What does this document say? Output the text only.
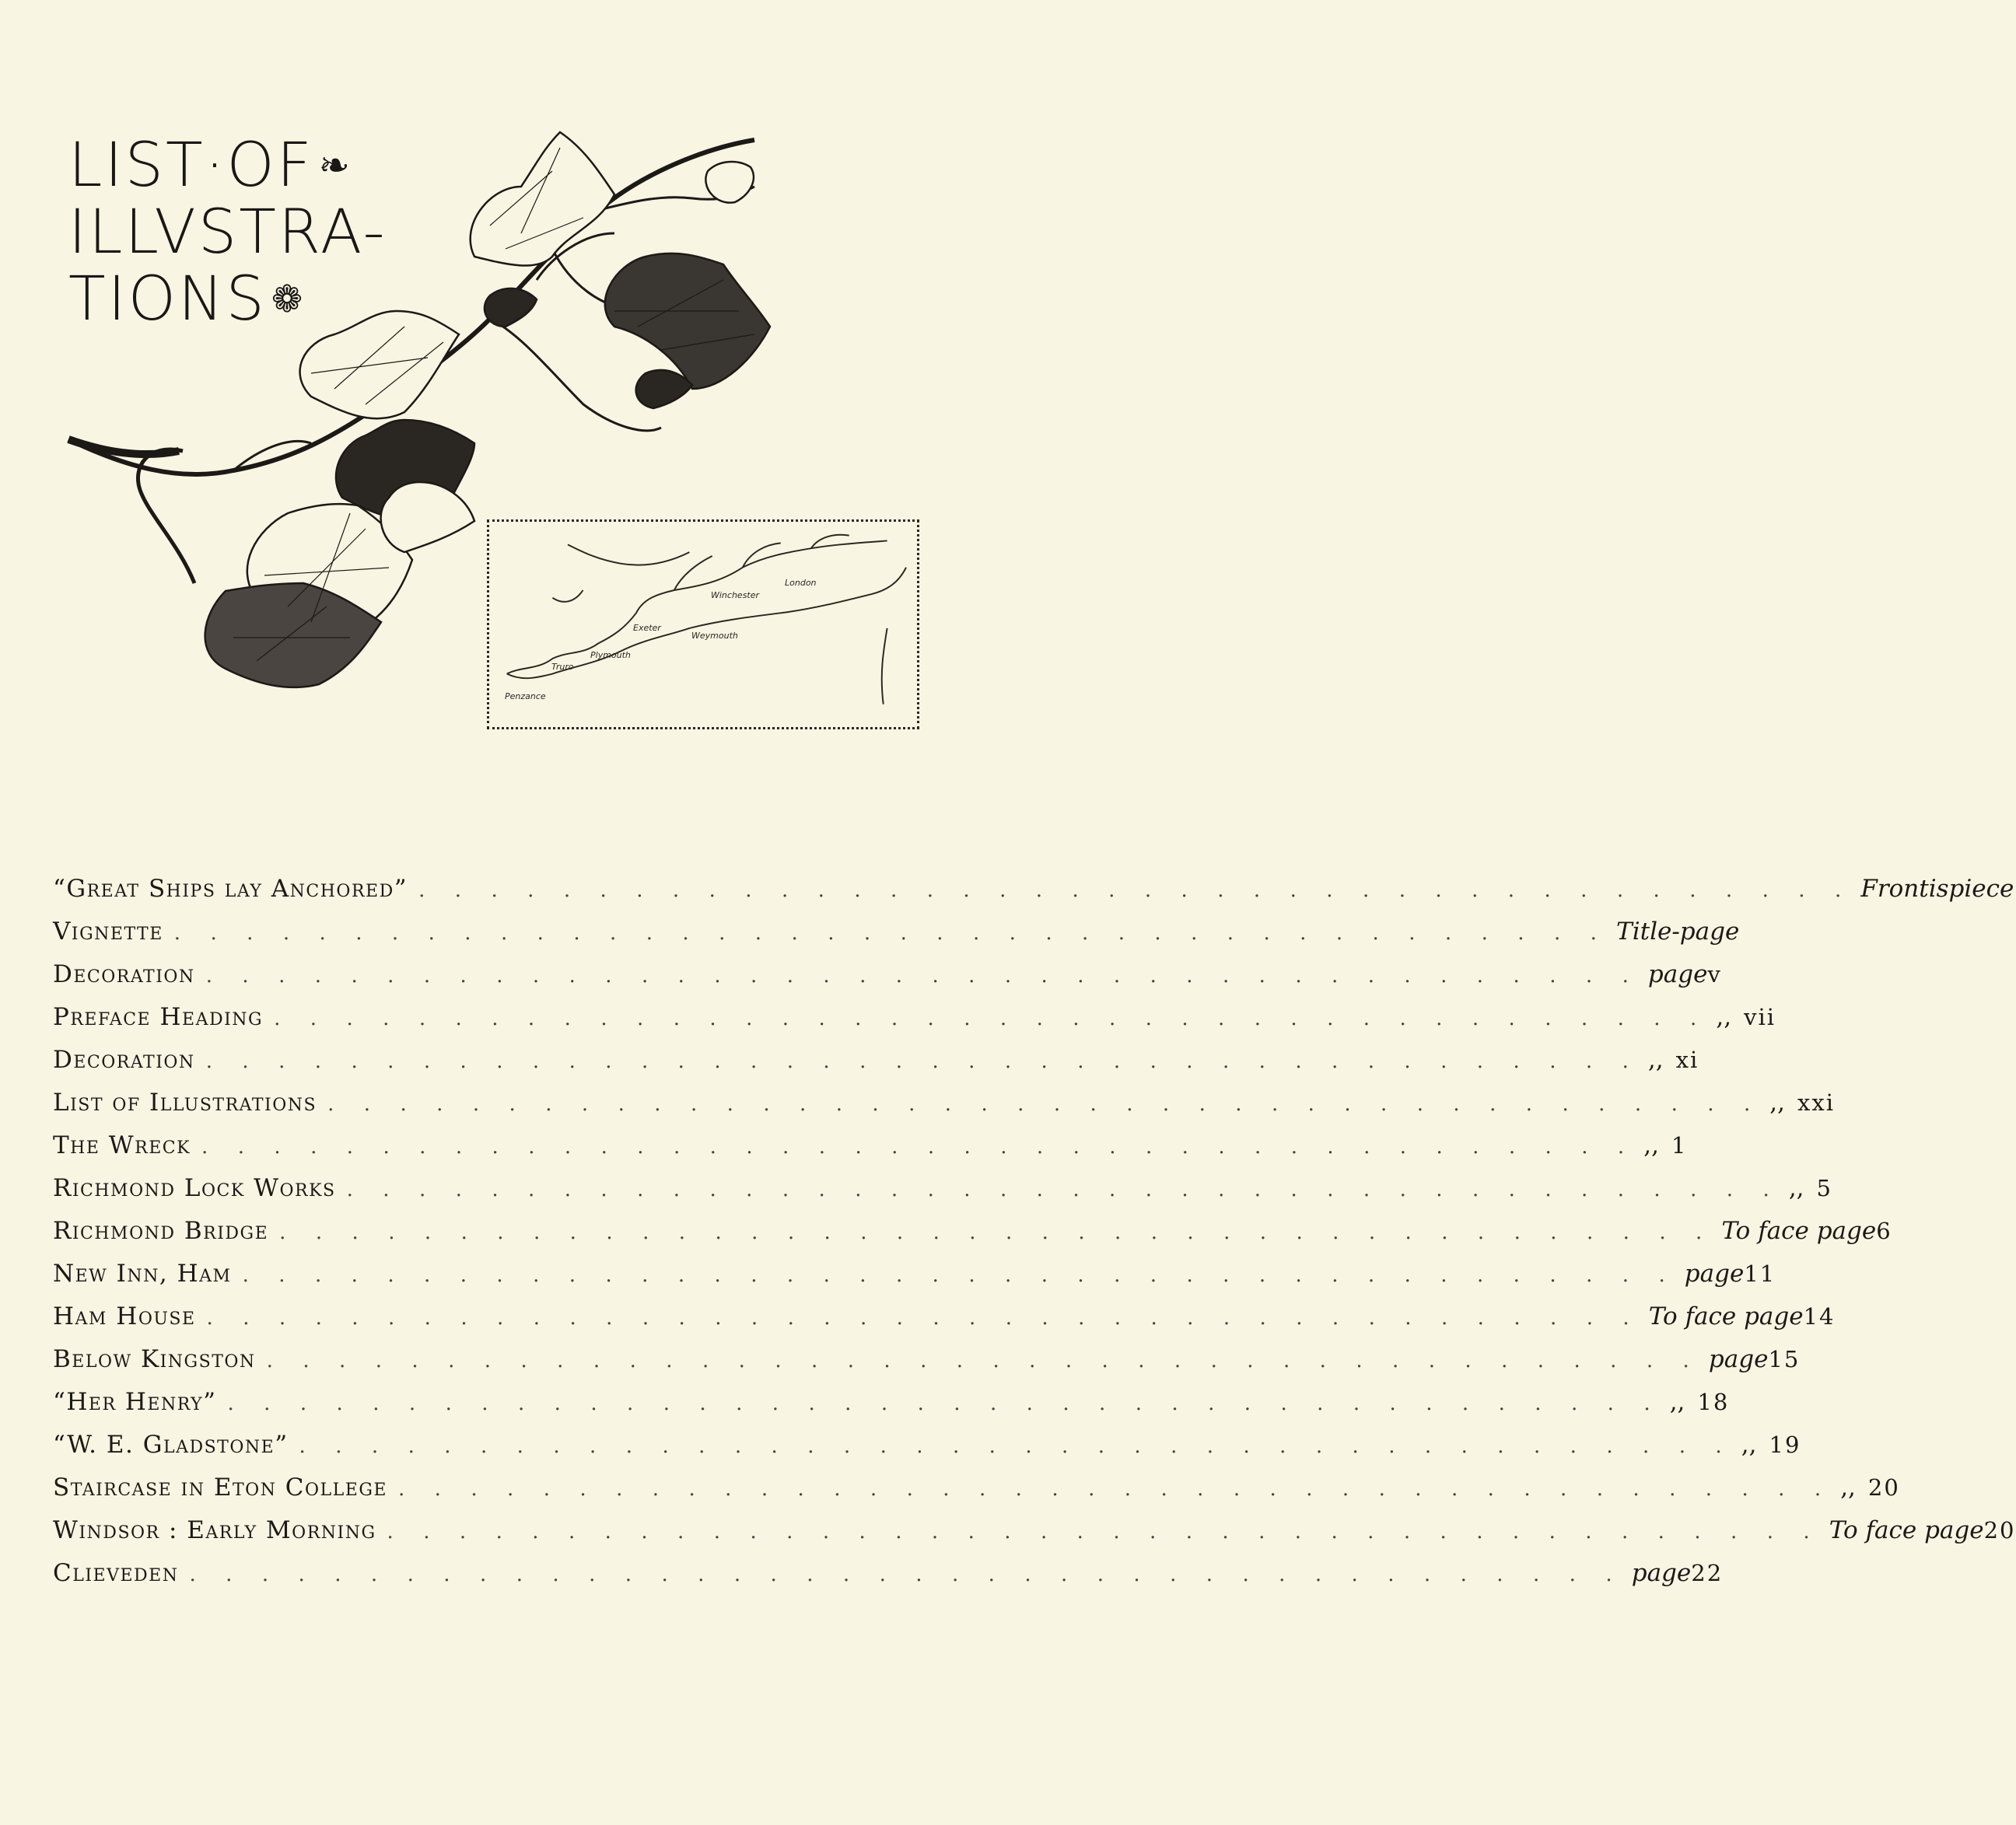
LIST·OF ❧
ILLVSTRA-
TIONS ❁
London
Winchester
Exeter
Weymouth
Plymouth
Truro
Penzance
“Great Ships lay Anchored” . . . . . . . . . . . . . . . . . . . . . . . . . . . . . . . . . . . . . . . . Frontispiece
Vignette . . . . . . . . . . . . . . . . . . . . . . . . . . . . . . . . . . . . . . . . Title-page
Decoration . . . . . . . . . . . . . . . . . . . . . . . . . . . . . . . . . . . . . . . . page v
Preface Heading . . . . . . . . . . . . . . . . . . . . . . . . . . . . . . . . . . . . . . . . ,, vii
Decoration . . . . . . . . . . . . . . . . . . . . . . . . . . . . . . . . . . . . . . . . ,, xi
List of Illustrations . . . . . . . . . . . . . . . . . . . . . . . . . . . . . . . . . . . . . . . . ,, xxi
The Wreck . . . . . . . . . . . . . . . . . . . . . . . . . . . . . . . . . . . . . . . . ,, 1
Richmond Lock Works . . . . . . . . . . . . . . . . . . . . . . . . . . . . . . . . . . . . . . . . ,, 5
Richmond Bridge . . . . . . . . . . . . . . . . . . . . . . . . . . . . . . . . . . . . . . . . To face page 6
New Inn, Ham . . . . . . . . . . . . . . . . . . . . . . . . . . . . . . . . . . . . . . . . page 11
Ham House . . . . . . . . . . . . . . . . . . . . . . . . . . . . . . . . . . . . . . . . To face page 14
Below Kingston . . . . . . . . . . . . . . . . . . . . . . . . . . . . . . . . . . . . . . . . page 15
“Her Henry” . . . . . . . . . . . . . . . . . . . . . . . . . . . . . . . . . . . . . . . . ,, 18
“W. E. Gladstone” . . . . . . . . . . . . . . . . . . . . . . . . . . . . . . . . . . . . . . . . ,, 19
Staircase in Eton College . . . . . . . . . . . . . . . . . . . . . . . . . . . . . . . . . . . . . . . . ,, 20
Windsor : Early Morning . . . . . . . . . . . . . . . . . . . . . . . . . . . . . . . . . . . . . . . . To face page 20
Clieveden . . . . . . . . . . . . . . . . . . . . . . . . . . . . . . . . . . . . . . . . page 22
